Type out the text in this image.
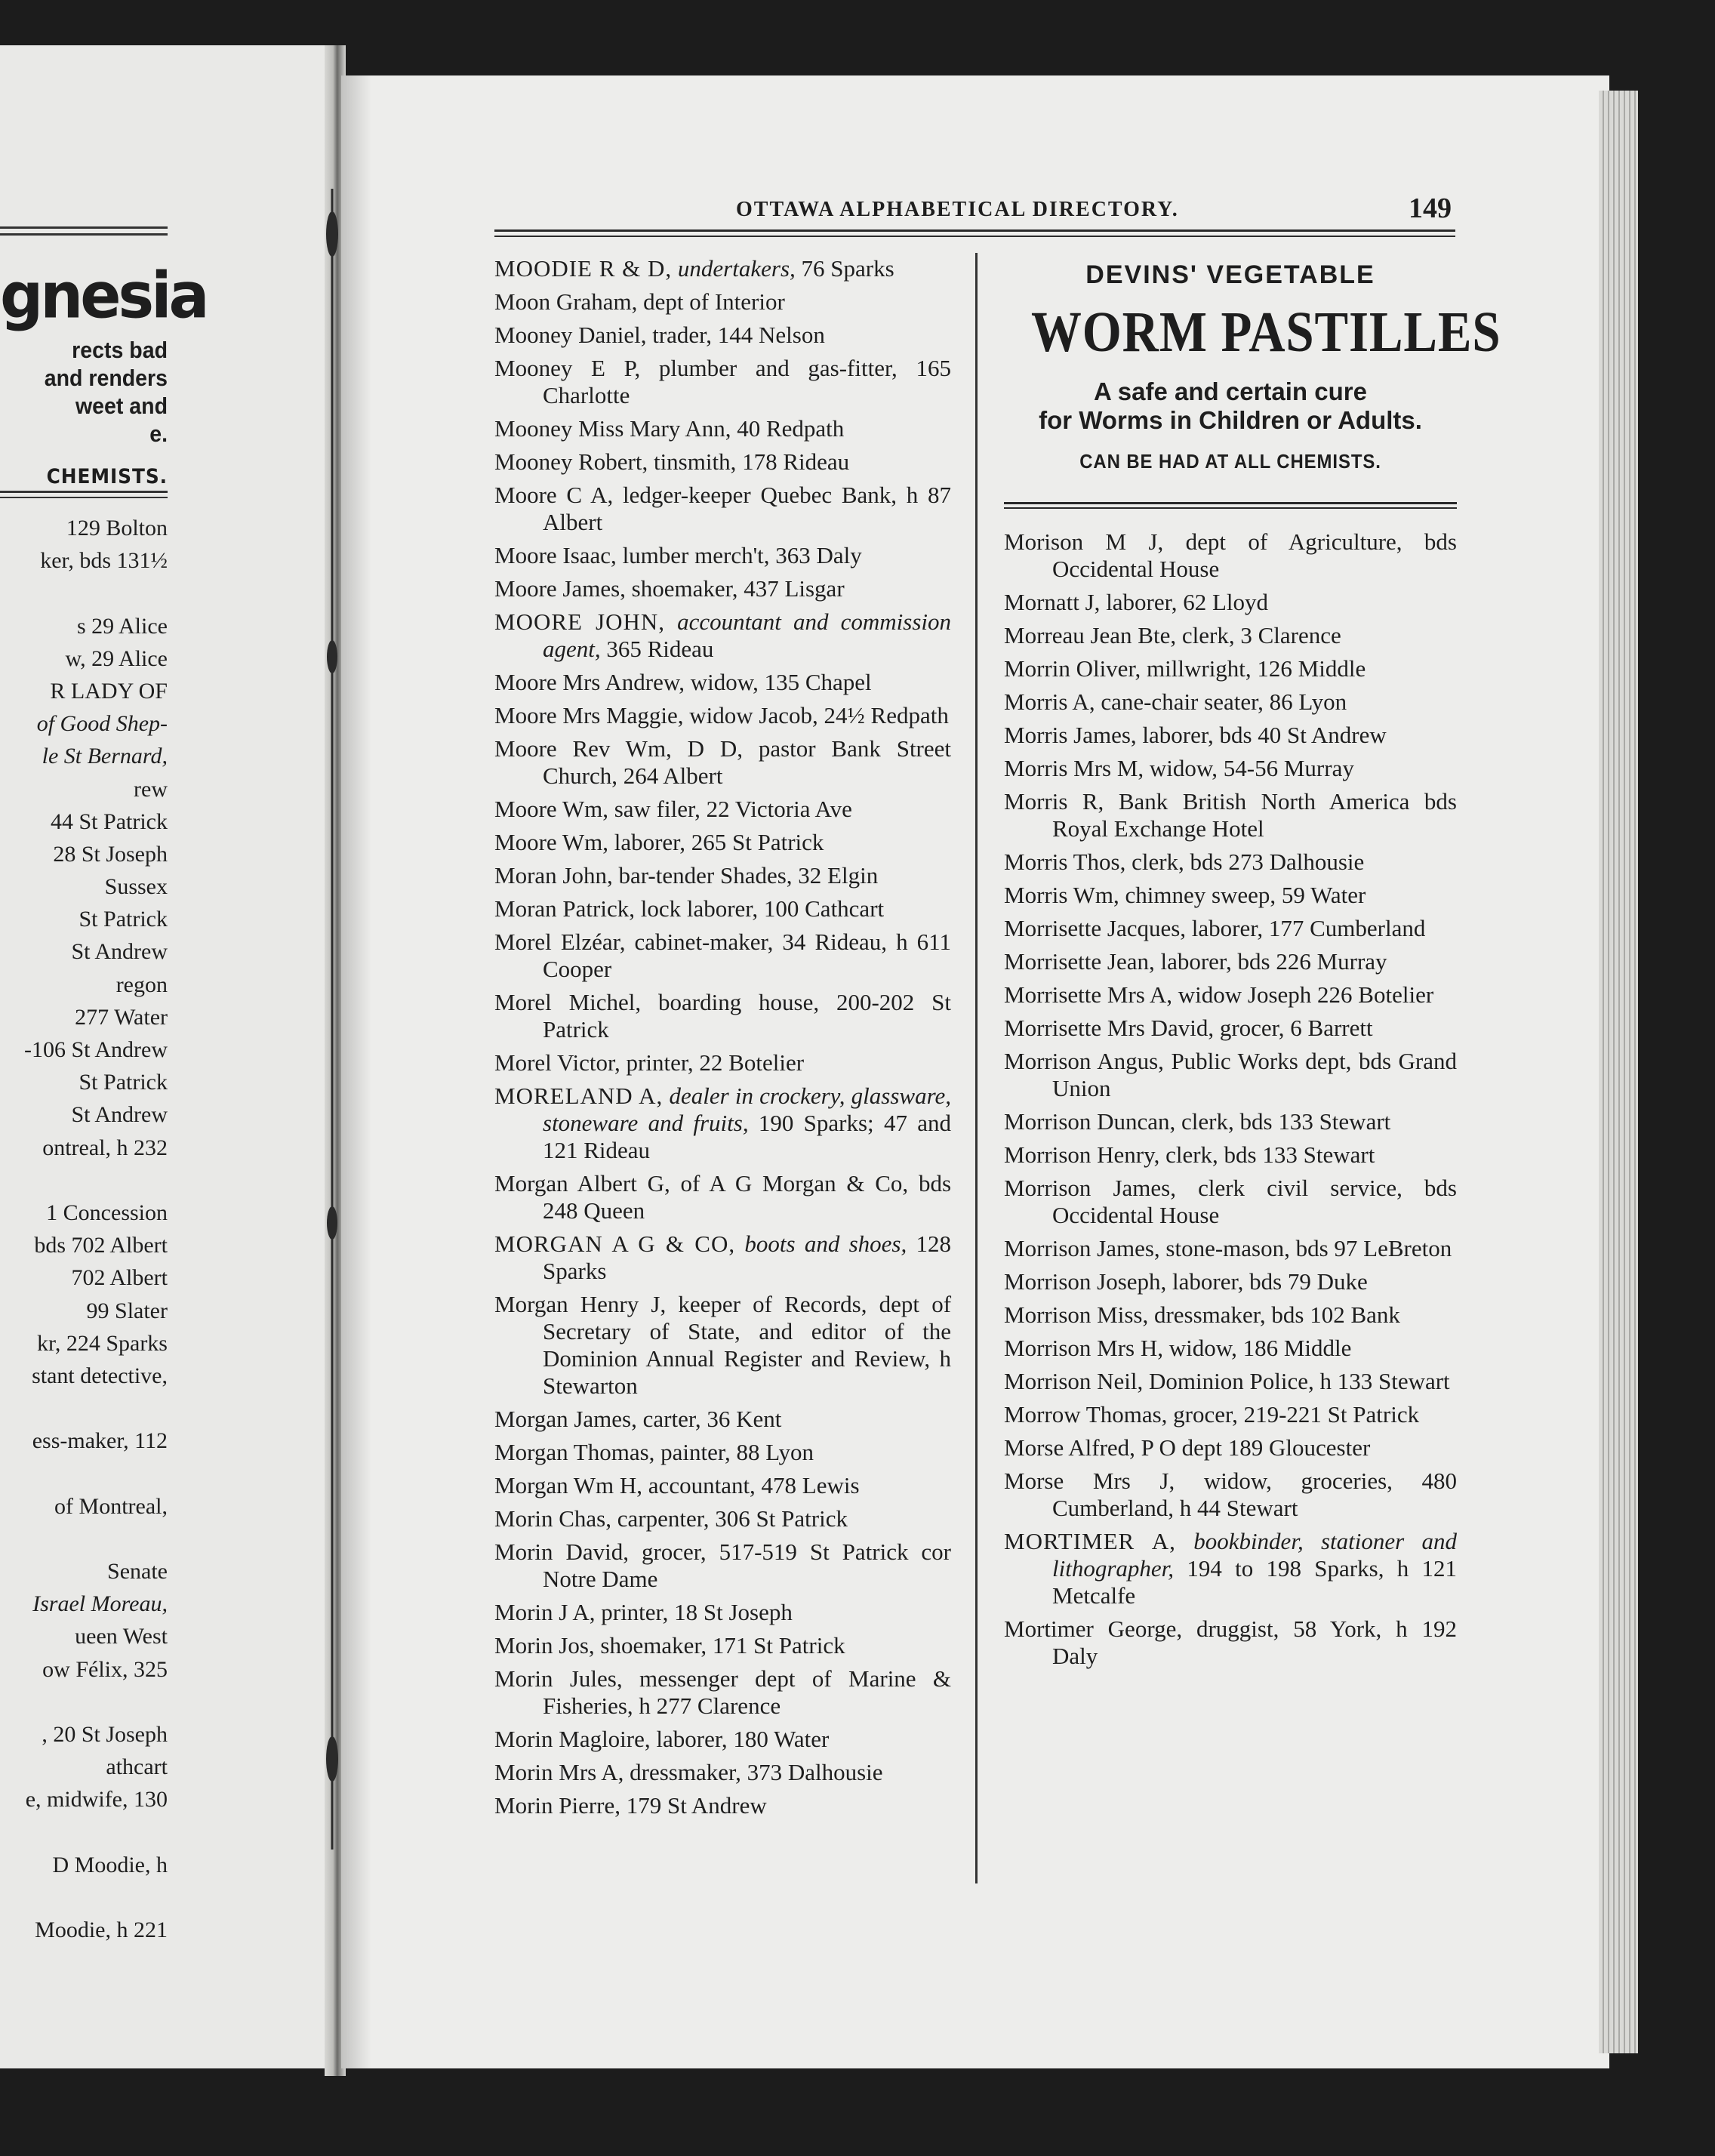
gnesia
rects bad
and renders
weet and
e.
CHEMISTS.
129 Bolton
ker, bds 131½
s 29 Alice
w, 29 Alice
R LADY OF
of Good Shep-
le St Bernard,
rew
44 St Patrick
28 St Joseph
Sussex
St Patrick
St Andrew
regon
277 Water
-106 St Andrew
St Patrick
St Andrew
ontreal, h 232
1 Concession
bds 702 Albert
702 Albert
99 Slater
kr, 224 Sparks
stant detective,
ess-maker, 112
of Montreal,
Senate
Israel Moreau,
ueen West
ow Félix, 325
, 20 St Joseph
athcart
e, midwife, 130
D Moodie, h
Moodie, h 221
OTTAWA ALPHABETICAL DIRECTORY.	149
MOODIE R & D, undertakers, 76 Sparks
Moon Graham, dept of Interior
Mooney Daniel, trader, 144 Nelson
Mooney E P, plumber and gas-fitter, 165 Charlotte
Mooney Miss Mary Ann, 40 Redpath
Mooney Robert, tinsmith, 178 Rideau
Moore C A, ledger-keeper Quebec Bank, h 87 Albert
Moore Isaac, lumber merch't, 363 Daly
Moore James, shoemaker, 437 Lisgar
MOORE JOHN, accountant and commission agent, 365 Rideau
Moore Mrs Andrew, widow, 135 Chapel
Moore Mrs Maggie, widow Jacob, 24½ Redpath
Moore Rev Wm, D D, pastor Bank Street Church, 264 Albert
Moore Wm, saw filer, 22 Victoria Ave
Moore Wm, laborer, 265 St Patrick
Moran John, bar-tender Shades, 32 Elgin
Moran Patrick, lock laborer, 100 Cathcart
Morel Elzéar, cabinet-maker, 34 Rideau, h 611 Cooper
Morel Michel, boarding house, 200-202 St Patrick
Morel Victor, printer, 22 Botelier
MORELAND A, dealer in crockery, glassware, stoneware and fruits, 190 Sparks; 47 and 121 Rideau
Morgan Albert G, of A G Morgan & Co, bds 248 Queen
MORGAN A G & CO, boots and shoes, 128 Sparks
Morgan Henry J, keeper of Records, dept of Secretary of State, and editor of the Dominion Annual Register and Review, h Stewarton
Morgan James, carter, 36 Kent
Morgan Thomas, painter, 88 Lyon
Morgan Wm H, accountant, 478 Lewis
Morin Chas, carpenter, 306 St Patrick
Morin David, grocer, 517-519 St Patrick cor Notre Dame
Morin J A, printer, 18 St Joseph
Morin Jos, shoemaker, 171 St Patrick
Morin Jules, messenger dept of Marine & Fisheries, h 277 Clarence
Morin Magloire, laborer, 180 Water
Morin Mrs A, dressmaker, 373 Dalhousie
Morin Pierre, 179 St Andrew
DEVINS' VEGETABLE
WORM PASTILLES
A safe and certain cure
for Worms in Children or Adults.
CAN BE HAD AT ALL CHEMISTS.
Morison M J, dept of Agriculture, bds Occidental House
Mornatt J, laborer, 62 Lloyd
Morreau Jean Bte, clerk, 3 Clarence
Morrin Oliver, millwright, 126 Middle
Morris A, cane-chair seater, 86 Lyon
Morris James, laborer, bds 40 St Andrew
Morris Mrs M, widow, 54-56 Murray
Morris R, Bank British North America bds Royal Exchange Hotel
Morris Thos, clerk, bds 273 Dalhousie
Morris Wm, chimney sweep, 59 Water
Morrisette Jacques, laborer, 177 Cumberland
Morrisette Jean, laborer, bds 226 Murray
Morrisette Mrs A, widow Joseph 226 Botelier
Morrisette Mrs David, grocer, 6 Barrett
Morrison Angus, Public Works dept, bds Grand Union
Morrison Duncan, clerk, bds 133 Stewart
Morrison Henry, clerk, bds 133 Stewart
Morrison James, clerk civil service, bds Occidental House
Morrison James, stone-mason, bds 97 LeBreton
Morrison Joseph, laborer, bds 79 Duke
Morrison Miss, dressmaker, bds 102 Bank
Morrison Mrs H, widow, 186 Middle
Morrison Neil, Dominion Police, h 133 Stewart
Morrow Thomas, grocer, 219-221 St Patrick
Morse Alfred, P O dept 189 Gloucester
Morse Mrs J, widow, groceries, 480 Cumberland, h 44 Stewart
MORTIMER A, bookbinder, stationer and lithographer, 194 to 198 Sparks, h 121 Metcalfe
Mortimer George, druggist, 58 York, h 192 Daly
